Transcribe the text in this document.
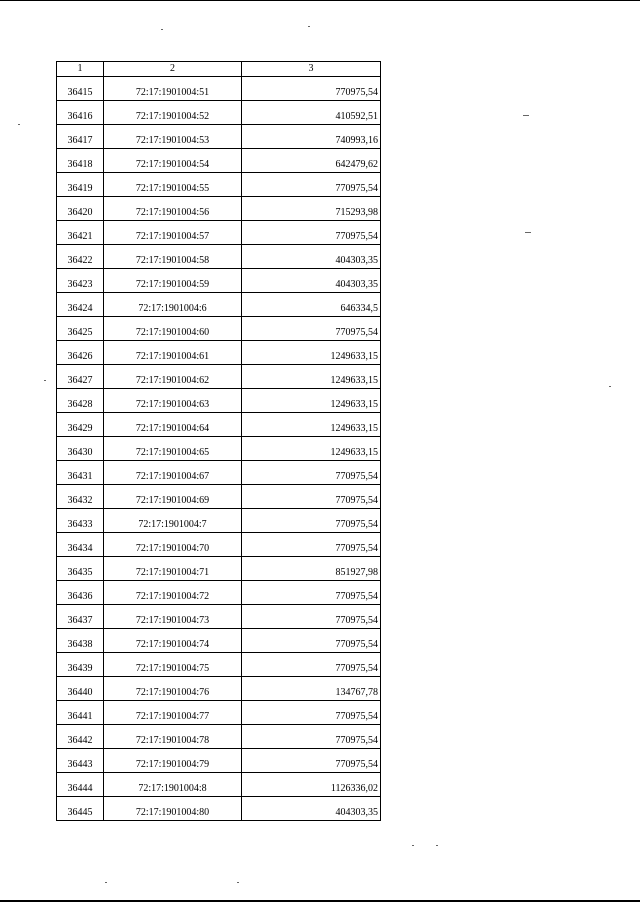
1	2	3
36415	72:17:1901004:51	770975,54
36416	72:17:1901004:52	410592,51
36417	72:17:1901004:53	740993,16
36418	72:17:1901004:54	642479,62
36419	72:17:1901004:55	770975,54
36420	72:17:1901004:56	715293,98
36421	72:17:1901004:57	770975,54
36422	72:17:1901004:58	404303,35
36423	72:17:1901004:59	404303,35
36424	72:17:1901004:6	646334,5
36425	72:17:1901004:60	770975,54
36426	72:17:1901004:61	1249633,15
36427	72:17:1901004:62	1249633,15
36428	72:17:1901004:63	1249633,15
36429	72:17:1901004:64	1249633,15
36430	72:17:1901004:65	1249633,15
36431	72:17:1901004:67	770975,54
36432	72:17:1901004:69	770975,54
36433	72:17:1901004:7	770975,54
36434	72:17:1901004:70	770975,54
36435	72:17:1901004:71	851927,98
36436	72:17:1901004:72	770975,54
36437	72:17:1901004:73	770975,54
36438	72:17:1901004:74	770975,54
36439	72:17:1901004:75	770975,54
36440	72:17:1901004:76	134767,78
36441	72:17:1901004:77	770975,54
36442	72:17:1901004:78	770975,54
36443	72:17:1901004:79	770975,54
36444	72:17:1901004:8	1126336,02
36445	72:17:1901004:80	404303,35
